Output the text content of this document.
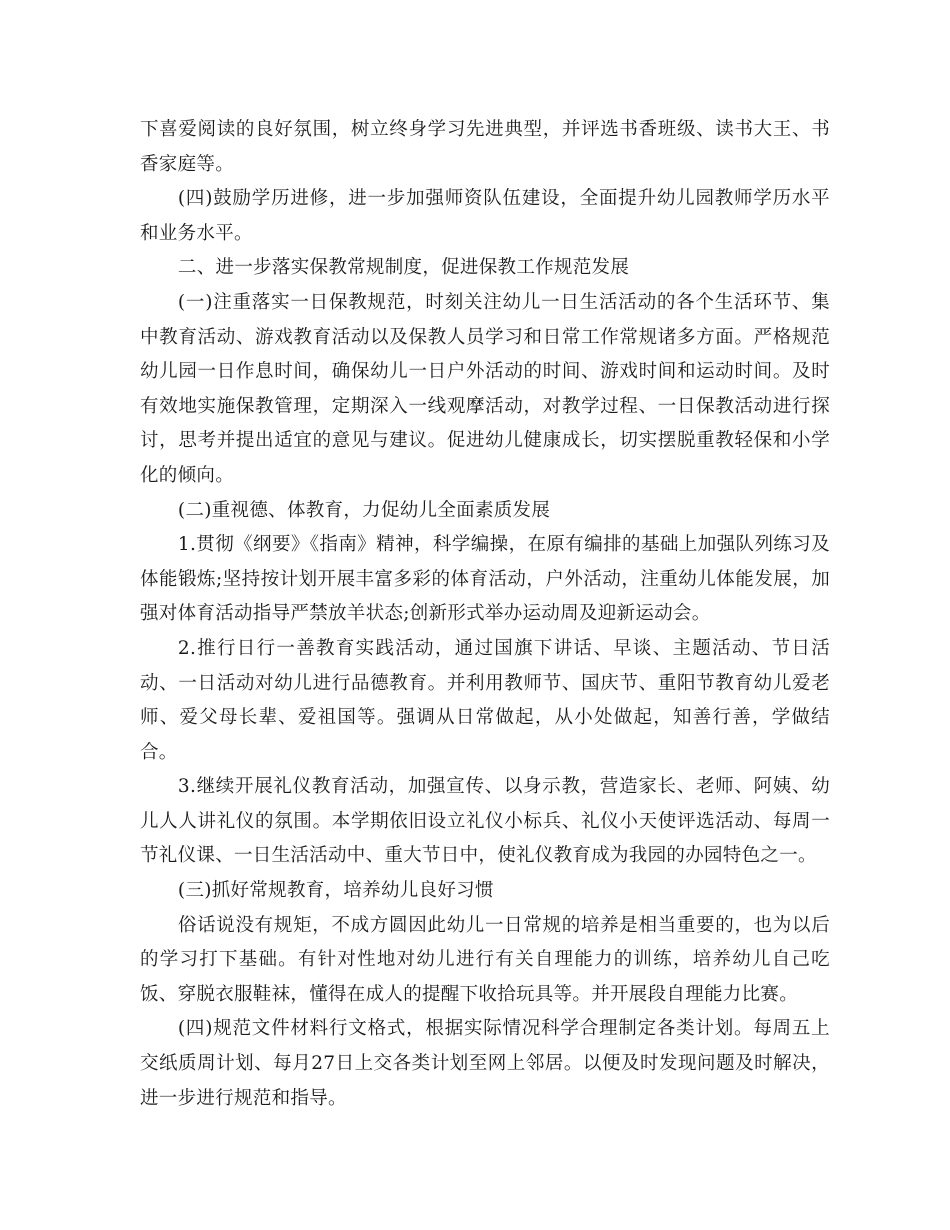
下喜爱阅读的良好氛围，树立终身学习先进典型，并评选书香班级、读书大王、书香家庭等。

(四)鼓励学历进修，进一步加强师资队伍建设，全面提升幼儿园教师学历水平和业务水平。

二、进一步落实保教常规制度，促进保教工作规范发展

(一)注重落实一日保教规范，时刻关注幼儿一日生活活动的各个生活环节、集中教育活动、游戏教育活动以及保教人员学习和日常工作常规诸多方面。严格规范幼儿园一日作息时间，确保幼儿一日户外活动的时间、游戏时间和运动时间。及时有效地实施保教管理，定期深入一线观摩活动，对教学过程、一日保教活动进行探讨，思考并提出适宜的意见与建议。促进幼儿健康成长，切实摆脱重教轻保和小学化的倾向。

(二)重视德、体教育，力促幼儿全面素质发展

1.贯彻《纲要》《指南》精神，科学编操，在原有编排的基础上加强队列练习及体能锻炼;坚持按计划开展丰富多彩的体育活动，户外活动，注重幼儿体能发展，加强对体育活动指导严禁放羊状态;创新形式举办运动周及迎新运动会。

2.推行日行一善教育实践活动，通过国旗下讲话、早谈、主题活动、节日活动、一日活动对幼儿进行品德教育。并利用教师节、国庆节、重阳节教育幼儿爱老师、爱父母长辈、爱祖国等。强调从日常做起，从小处做起，知善行善，学做结合。

3.继续开展礼仪教育活动，加强宣传、以身示教，营造家长、老师、阿姨、幼儿人人讲礼仪的氛围。本学期依旧设立礼仪小标兵、礼仪小天使评选活动、每周一节礼仪课、一日生活活动中、重大节日中，使礼仪教育成为我园的办园特色之一。

(三)抓好常规教育，培养幼儿良好习惯

俗话说没有规矩，不成方圆因此幼儿一日常规的培养是相当重要的，也为以后的学习打下基础。有针对性地对幼儿进行有关自理能力的训练，培养幼儿自己吃饭、穿脱衣服鞋袜，懂得在成人的提醒下收拾玩具等。并开展段自理能力比赛。

(四)规范文件材料行文格式，根据实际情况科学合理制定各类计划。每周五上交纸质周计划、每月27日上交各类计划至网上邻居。以便及时发现问题及时解决，进一步进行规范和指导。
